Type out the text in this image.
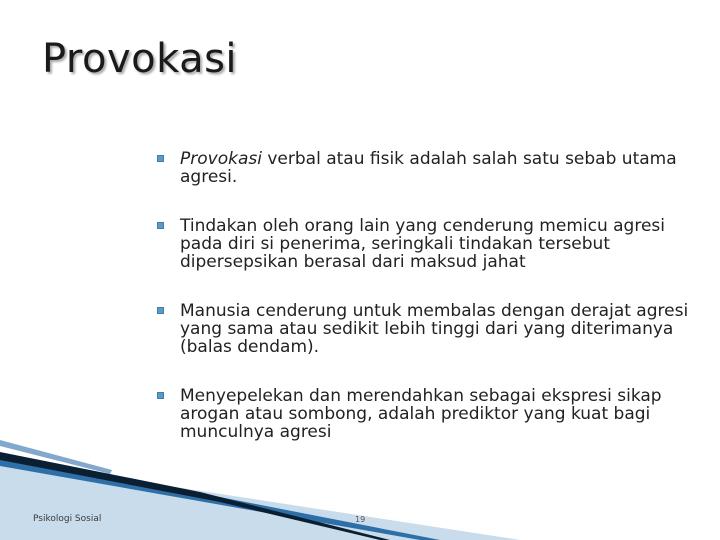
Provokasi
Provokasi verbal atau fisik adalah salah satu sebab utama agresi.
Tindakan oleh orang lain yang cenderung memicu agresi pada diri si penerima, seringkali tindakan tersebut dipersepsikan berasal dari maksud jahat
Manusia cenderung untuk membalas dengan derajat agresi yang sama atau sedikit lebih tinggi dari yang diterimanya (balas dendam).
Menyepelekan dan merendahkan sebagai ekspresi sikap arogan atau sombong, adalah prediktor yang kuat bagi munculnya agresi
Psikologi Sosial	19
